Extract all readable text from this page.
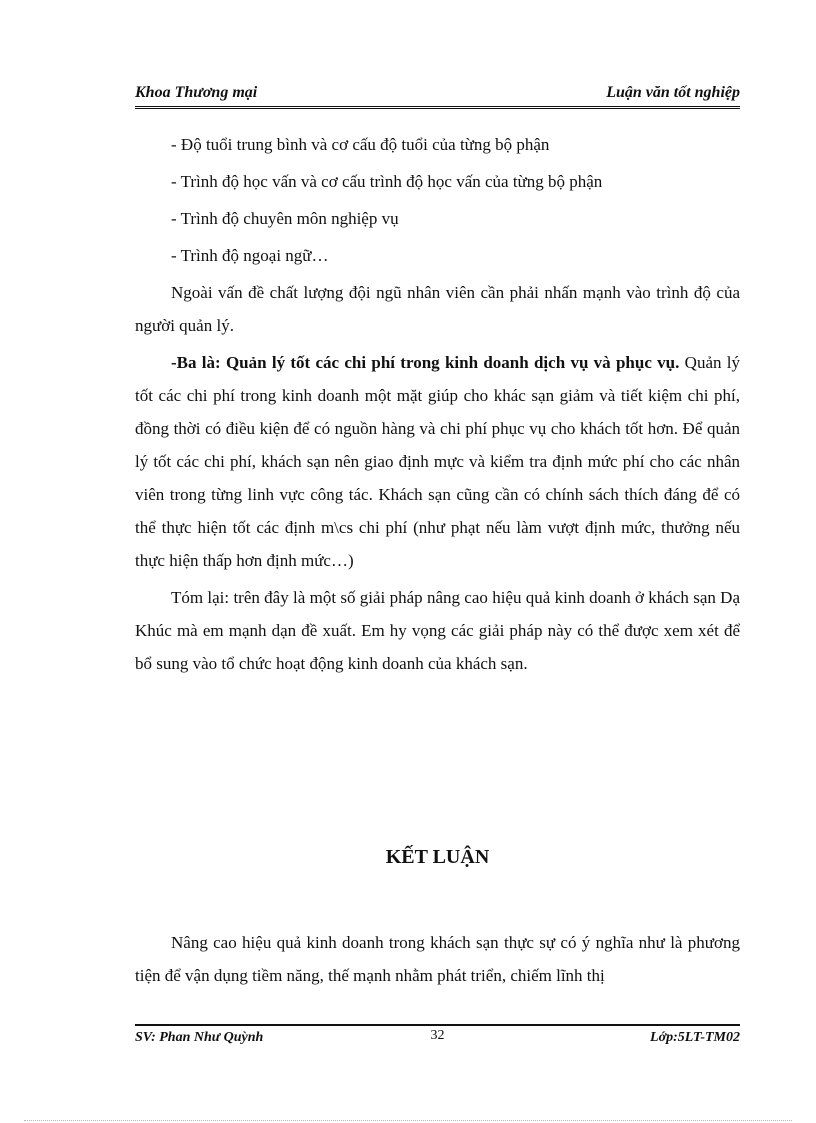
Khoa Thương mại	Luận văn tốt nghiệp

- Độ tuổi trung bình và cơ cấu độ tuổi của từng bộ phận

- Trình độ học vấn và cơ cấu trình độ học vấn của từng bộ phận

- Trình độ chuyên môn nghiệp vụ

- Trình độ ngoại ngữ…

Ngoài vấn đề chất lượng đội ngũ nhân viên cần phải nhấn mạnh vào trình độ của người quản lý.

-Ba là: Quản lý tốt các chi phí trong kinh doanh dịch vụ và phục vụ. Quản lý tốt các chi phí trong kinh doanh một mặt giúp cho khác sạn giảm và tiết kiệm chi phí, đồng thời có điều kiện để có nguồn hàng và chi phí phục vụ cho khách tốt hơn. Để quản lý tốt các chi phí, khách sạn nên giao định mực và kiểm tra định mức phí cho các nhân viên trong từng linh vực công tác. Khách sạn cũng cần có chính sách thích đáng để có thể thực hiện tốt các định m\cs chi phí (như phạt nếu làm vượt định mức, thưởng nếu thực hiện thấp hơn định mức…)

Tóm lại: trên đây là một số giải pháp nâng cao hiệu quả kinh doanh ở khách sạn Dạ Khúc mà em mạnh dạn đề xuất. Em hy vọng các giải pháp này có thể được xem xét để bổ sung vào tổ chức hoạt động kinh doanh của khách sạn.

KẾT LUẬN

Nâng cao hiệu quả kinh doanh trong khách sạn thực sự có ý nghĩa như là phương tiện để vận dụng tiềm năng, thế mạnh nhằm phát triển, chiếm lĩnh thị

SV: Phan Như Quỳnh	32	Lớp:5LT-TM02
